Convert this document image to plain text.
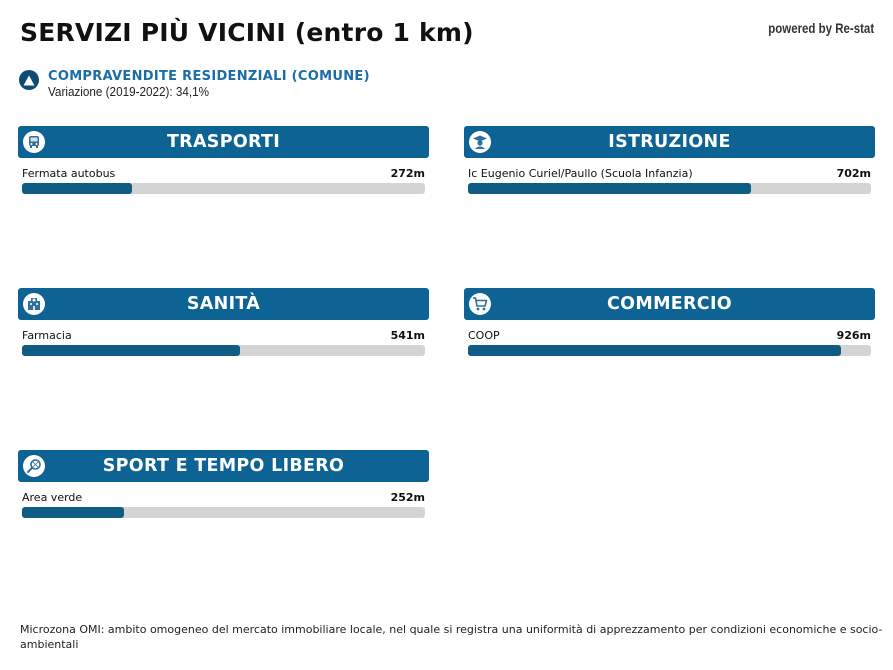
SERVIZI PIÙ VICINI (entro 1 km)	powered by Re-stat
COMPRAVENDITE RESIDENZIALI (COMUNE)
Variazione (2019-2022): 34,1%
TRASPORTI
Fermata autobus	272m
ISTRUZIONE
Ic Eugenio Curiel/Paullo (Scuola Infanzia)	702m
SANITÀ
Farmacia	541m
COMMERCIO
COOP	926m
SPORT E TEMPO LIBERO
Area verde	252m
Microzona OMI: ambito omogeneo del mercato immobiliare locale, nel quale si registra una uniformità di apprezzamento per condizioni economiche e socio-ambientali
